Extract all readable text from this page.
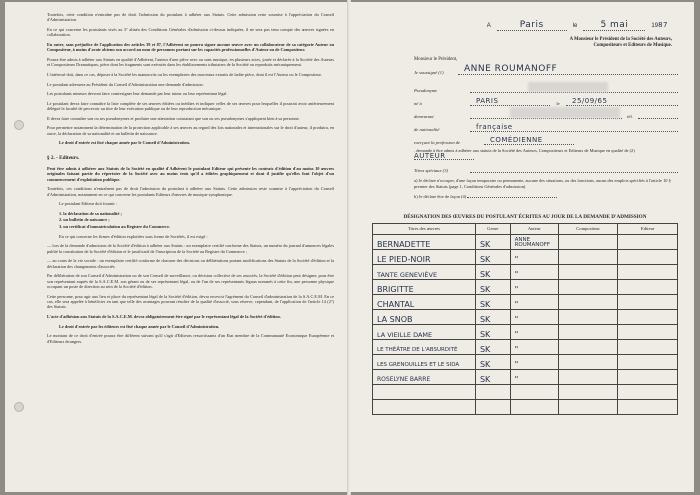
Toutefois, cette condition n'entraîne pas de droit l'admission du postulant à adhérer aux Statuts. Cette admission reste soumise à l'appréciation du Conseil d'Administration.
En ce qui concerne les postulants visés au 3° alinéa des Conditions Générales d'admission ci-dessus indiquées, il ne sera pas tenu compte des œuvres signées en collaboration.
En outre, sans préjudice de l'application des articles 39 et 87, l'Adhérent ne pourra signer aucune œuvre avec un collaborateur de sa catégorie Auteur ou Compositeur, à moins d'avoir obtenu son accord au nom de personnes portant sur les capacités professionnelles d'Auteur ou de Compositeur.
Pourra être admis à adhérer aux Statuts en qualité d'Adhérent, l'auteur d'une pièce avec ou sans musique, en plusieurs actes, jouée et déclarée à la Société des Auteurs et Compositeurs Dramatiques, pièce dont les fragments sont exécutés dans les établissements tributaires de la Société ou reproduits mécaniquement.
L'intéressé doit, dans ce cas, déposer à la Société les manuscrits ou les exemplaires des morceaux extraits de ladite pièce, dont il est l'Auteur ou le Compositeur.
Le postulant adressera au Président du Conseil d'Administration une demande d'admission.
Les postulants mineurs devront faire contresigner leur demande par leur tuteur ou leur représentant légal.
Le postulant devra faire connaître la liste complète de ses œuvres éditées ou inédites et indiquer celles de ses œuvres pour lesquelles il pourrait avoir antérieurement délégué la faculté de percevoir au titre de leur exécution publique ou de leur reproduction mécanique.
Il devra faire connaître son ou ses pseudonymes et produire une attestation constatant que son ou ses pseudonymes s'appliquent bien à sa personne.
Pour permettre notamment la détermination de la protection applicable à ses œuvres au regard des lois nationales et internationales sur le droit d'auteur, il produira, en outre, la déclaration de sa nationalité et un bulletin de naissance.
Le droit d'entrée est fixé chaque année par le Conseil d'Administration.
§ 2. - Editeurs.
Peut être admis à adhérer aux Statuts de la Société en qualité d'Adhérent le postulant Editeur qui présente les contrats d'édition d'au moins 10 œuvres originales faisant partie du répertoire de la Société avec au moins trois qu'il a éditées graphiquement et dont il justifie qu'elles font l'objet d'un commencement d'exploitation publique.
Toutefois, ces conditions n'entraînent pas de droit l'admission du postulant à adhérer aux Statuts. Cette admission reste soumise à l'appréciation du Conseil d'Administration, notamment en ce qui concerne les postulants Editeurs d'œuvres de musique symphonique.
Le postulant Editeur doit fournir :
1. la déclaration de sa nationalité ;
2. un bulletin de naissance ;
3. un certificat d'immatriculation au Registre du Commerce.
En ce qui concerne les firmes d'édition exploitées sous forme de Sociétés, il est exigé :
— lors de la demande d'admission de la Société d'édition à adhérer aux Statuts : un exemplaire certifié conforme des Statuts, un numéro du journal d'annonces légales publié la constitution de la Société d'édition et le justificatif de l'inscription de la Société au Registre du Commerce ;
— au cours de la vie sociale : un exemplaire certifié conforme de chacune des décisions ou délibérations portant modifications des Statuts de la Société d'édition et la déclaration des changements d'associés.
Par délibération de son Conseil d'Administration ou de son Conseil de surveillance, ou décision collective de ses associés, la Société d'édition peut désigner, pour être son représentant auprès de la S.A.C.E.M. son gérant ou de ses représentant légal, ou de l'un de ses représentants légaux nommés à cette fin, une personne physique occupant un poste de direction au sein de la Société d'édition.
Cette personne, pour agir aux lieu et place du représentant légal de la Société d'édition, devra recevoir l'agrément du Conseil d'administration de la S.A.C.E.M. En ce cas, elle sera appelée à bénéficier en tant que telle des avantages pouvant résulter de la qualité d'associé, sous réserve, cependant, de l'application de l'article 14 (2°) des Statuts.
L'acte d'adhésion aux Statuts de la S.A.C.E.M. devra obligatoirement être signé par le représentant légal de la Société d'édition.
Le droit d'entrée par les éditeurs est fixé chaque année par le Conseil d'Administration.
Le montant de ce droit d'entrée pourra être différent suivant qu'il s'agit d'Editeurs ressortissants d'un Etat membre de la Communauté Economique Européenne et d'Editeurs étrangers.
A	Paris	le	5 mai	1987
A Monsieur le Président de la Société des Auteurs,
Compositeurs et Editeurs de Musique.
Monsieur le Président,
Je soussigné (1)	ANNE ROUMANOFF
Pseudonyme
né à	PARIS	le	25/09/65
demeurant	tél.
de nationalité	française
exerçant la profession de	COMÉDIENNE
, demande à être admis à adhérer aux statuts de la Société des Auteurs, Compositeurs et Editeurs de Musique en qualité de (2) AUTEUR
Titres spéciaux (3)
a) Je déclare n'occuper, d'une façon temporaire ou permanente, aucune des situations, ou des fonctions, aucun des emplois spécifiés à l'article 10 § premier des Statuts (page 1, Conditions Générales d'admission).
b) Je déclare être de façon (4)
DÉSIGNATION DES ŒUVRES DU POSTULANT ÉCRITES AU JOUR DE LA DEMANDE D'ADMISSION
Titres des œuvres	Genre	Auteur	Compositeur	Editeur
BERNADETTE	SK	ANNE ROUMANOFF		
LE PIED-NOIR	SK	"		
TANTE GENEVIÈVE	SK	"		
BRIGITTE	SK	"		
CHANTAL	SK	"		
LA SNOB	SK	"		
LA VIEILLE DAME	SK	"		
LE THÉÂTRE DE L'ABSURDITÉ	SK	"		
LES GRENOUILLES ET LE SIDA	SK	"		
ROSELYNE BARRE	SK	"		
